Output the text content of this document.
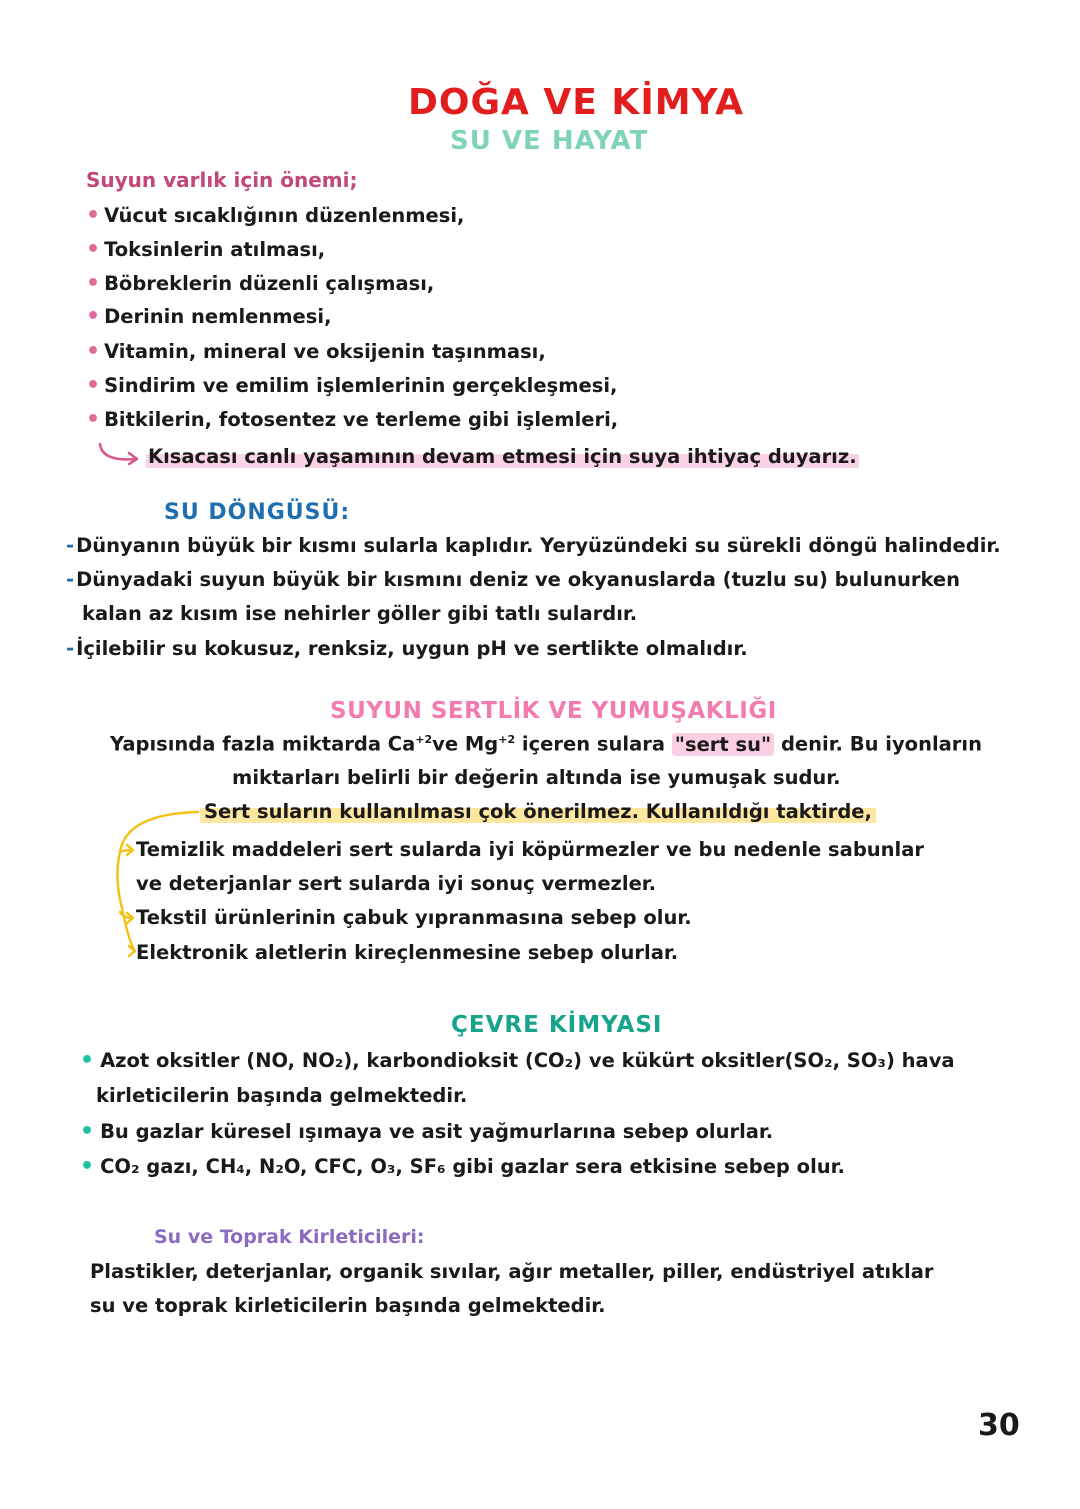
DOĞA VE KİMYA
SU VE HAYAT
Suyun varlık için önemi;
• Vücut sıcaklığının düzenlenmesi,
• Toksinlerin atılması,
• Böbreklerin düzenli çalışması,
• Derinin nemlenmesi,
• Vitamin, mineral ve oksijenin taşınması,
• Sindirim ve emilim işlemlerinin gerçekleşmesi,
• Bitkilerin, fotosentez ve terleme gibi işlemleri,
Kısacası canlı yaşamının devam etmesi için suya ihtiyaç duyarız.
SU DÖNGÜSÜ:
- Dünyanın büyük bir kısmı sularla kaplıdır. Yeryüzündeki su sürekli döngü halindedir.
- Dünyadaki suyun büyük bir kısmını deniz ve okyanuslarda (tuzlu su) bulunurken
kalan az kısım ise nehirler göller gibi tatlı sulardır.
- İçilebilir su kokusuz, renksiz, uygun pH ve sertlikte olmalıdır.
SUYUN SERTLİK VE YUMUŞAKLIĞI
Yapısında fazla miktarda $Ca^{+2}ve$ $Mg^{+2}$ içeren sulara "sert su" denir. Bu iyonların
miktarları belirli bir değerin altında ise yumuşak sudur.
Sert suların kullanılması çok önerilmez. Kullanıldığı taktirde,
Temizlik maddeleri sert sularda iyi köpürmezler ve bu nedenle sabunlar
ve deterjanlar sert sularda iyi sonuç vermezler.
Tekstil ürünlerinin çabuk yıpranmasına sebep olur.
Elektronik aletlerin kireçlenmesine sebep olurlar.
ÇEVRE KİMYASI
• Azot oksitler (NO, NO₂), karbondioksit (CO₂) ve kükürt oksitler(SO₂, SO₃) hava
kirleticilerin başında gelmektedir.
• Bu gazlar küresel ışımaya ve asit yağmurlarına sebep olurlar.
• CO₂ gazı, CH₄, N₂O, CFC, O₃, SF₆ gibi gazlar sera etkisine sebep olur.
Su ve Toprak Kirleticileri:
Plastikler, deterjanlar, organik sıvılar, ağır metaller, piller, endüstriyel atıklar
su ve toprak kirleticilerin başında gelmektedir.
30
